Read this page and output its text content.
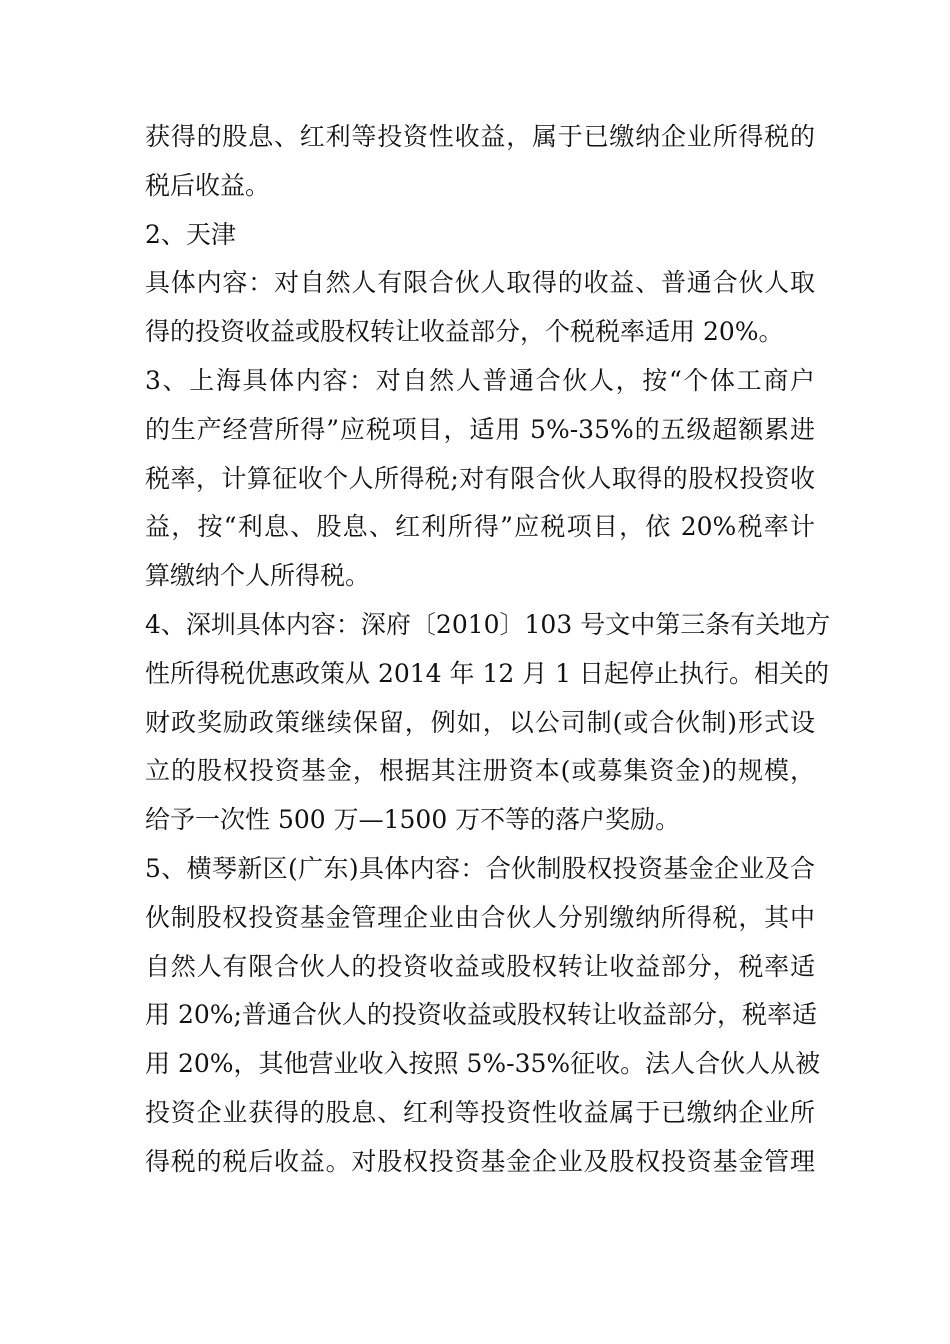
获得的股息、红利等投资性收益，属于已缴纳企业所得税的
税后收益。
2、天津
具体内容：对自然人有限合伙人取得的收益、普通合伙人取
得的投资收益或股权转让收益部分，个税税率适用 20%。
3、上海具体内容：对自然人普通合伙人，按“个体工商户
的生产经营所得”应税项目，适用 5%-35%的五级超额累进
税率，计算征收个人所得税;对有限合伙人取得的股权投资收
益，按“利息、股息、红利所得”应税项目，依 20%税率计
算缴纳个人所得税。
4、深圳具体内容：深府〔2010〕103 号文中第三条有关地方
性所得税优惠政策从 2014 年 12 月 1 日起停止执行。相关的
财政奖励政策继续保留，例如，以公司制(或合伙制)形式设
立的股权投资基金，根据其注册资本(或募集资金)的规模，
给予一次性 500 万—1500 万不等的落户奖励。
5、横琴新区(广东)具体内容：合伙制股权投资基金企业及合
伙制股权投资基金管理企业由合伙人分别缴纳所得税，其中
自然人有限合伙人的投资收益或股权转让收益部分，税率适
用 20%;普通合伙人的投资收益或股权转让收益部分，税率适
用 20%，其他营业收入按照 5%-35%征收。法人合伙人从被
投资企业获得的股息、红利等投资性收益属于已缴纳企业所
得税的税后收益。对股权投资基金企业及股权投资基金管理
